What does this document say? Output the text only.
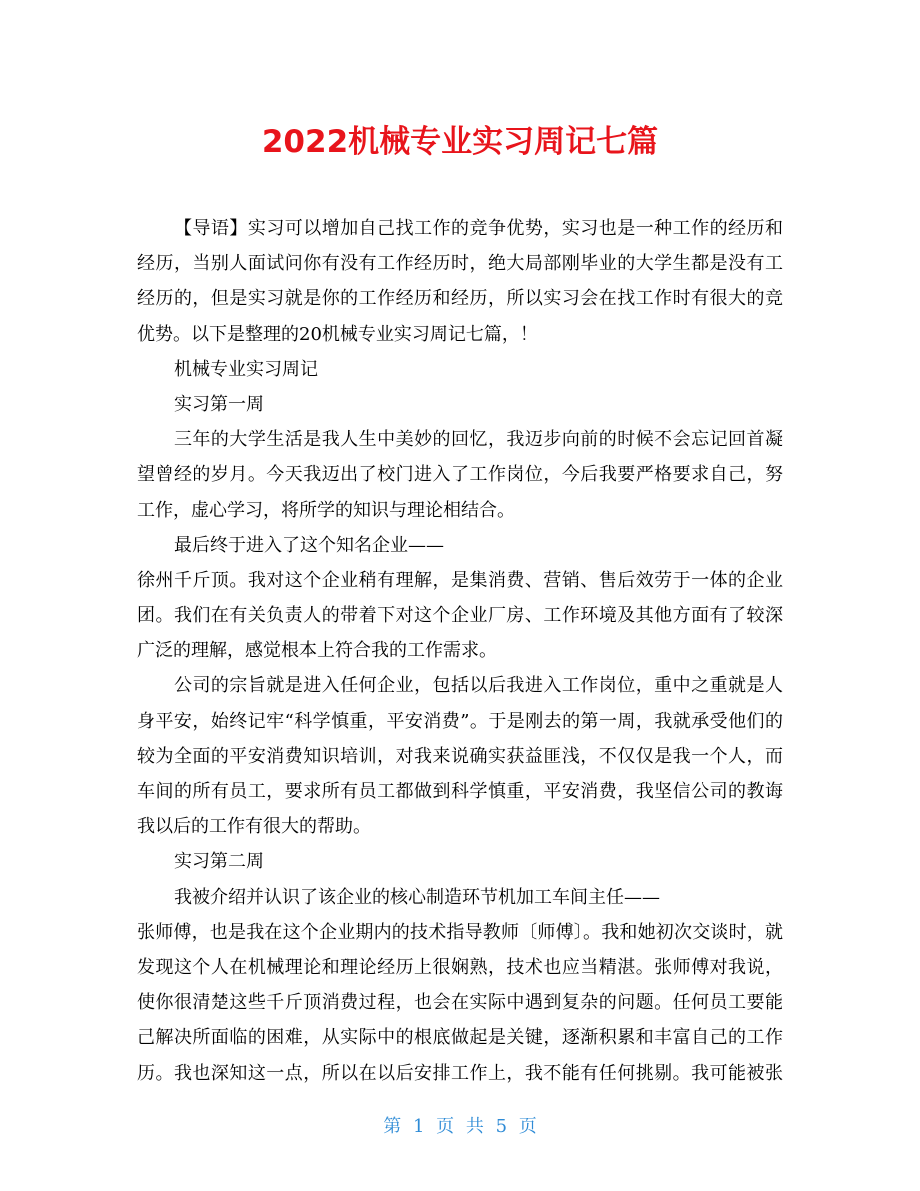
2022机械专业实习周记七篇
【导语】实习可以增加自己找工作的竞争优势，实习也是一种工作的经历和
经历，当别人面试问你有没有工作经历时，绝大局部刚毕业的大学生都是没有工
经历的，但是实习就是你的工作经历和经历，所以实习会在找工作时有很大的竞
优势。以下是整理的20机械专业实习周记七篇，！
机械专业实习周记
实习第一周
三年的大学生活是我人生中美妙的回忆，我迈步向前的时候不会忘记回首凝
望曾经的岁月。今天我迈出了校门进入了工作岗位，今后我要严格要求自己，努
工作，虚心学习，将所学的知识与理论相结合。
最后终于进入了这个知名企业——
徐州千斤顶。我对这个企业稍有理解，是集消费、营销、售后效劳于一体的企业
团。我们在有关负责人的带着下对这个企业厂房、工作环境及其他方面有了较深
广泛的理解，感觉根本上符合我的工作需求。
公司的宗旨就是进入任何企业，包括以后我进入工作岗位，重中之重就是人
身平安，始终记牢“科学慎重，平安消费”。于是刚去的第一周，我就承受他们的
较为全面的平安消费知识培训，对我来说确实获益匪浅，不仅仅是我一个人，而
车间的所有员工，要求所有员工都做到科学慎重，平安消费，我坚信公司的教诲
我以后的工作有很大的帮助。
实习第二周
我被介绍并认识了该企业的核心制造环节机加工车间主任——
张师傅，也是我在这个企业期内的技术指导教师〔师傅〕。我和她初次交谈时，就
发现这个人在机械理论和理论经历上很娴熟，技术也应当精湛。张师傅对我说，
使你很清楚这些千斤顶消费过程，也会在实际中遇到复杂的问题。任何员工要能
己解决所面临的困难，从实际中的根底做起是关键，逐渐积累和丰富自己的工作
历。我也深知这一点，所以在以后安排工作上，我不能有任何挑剔。我可能被张
第 1 页 共 5 页
